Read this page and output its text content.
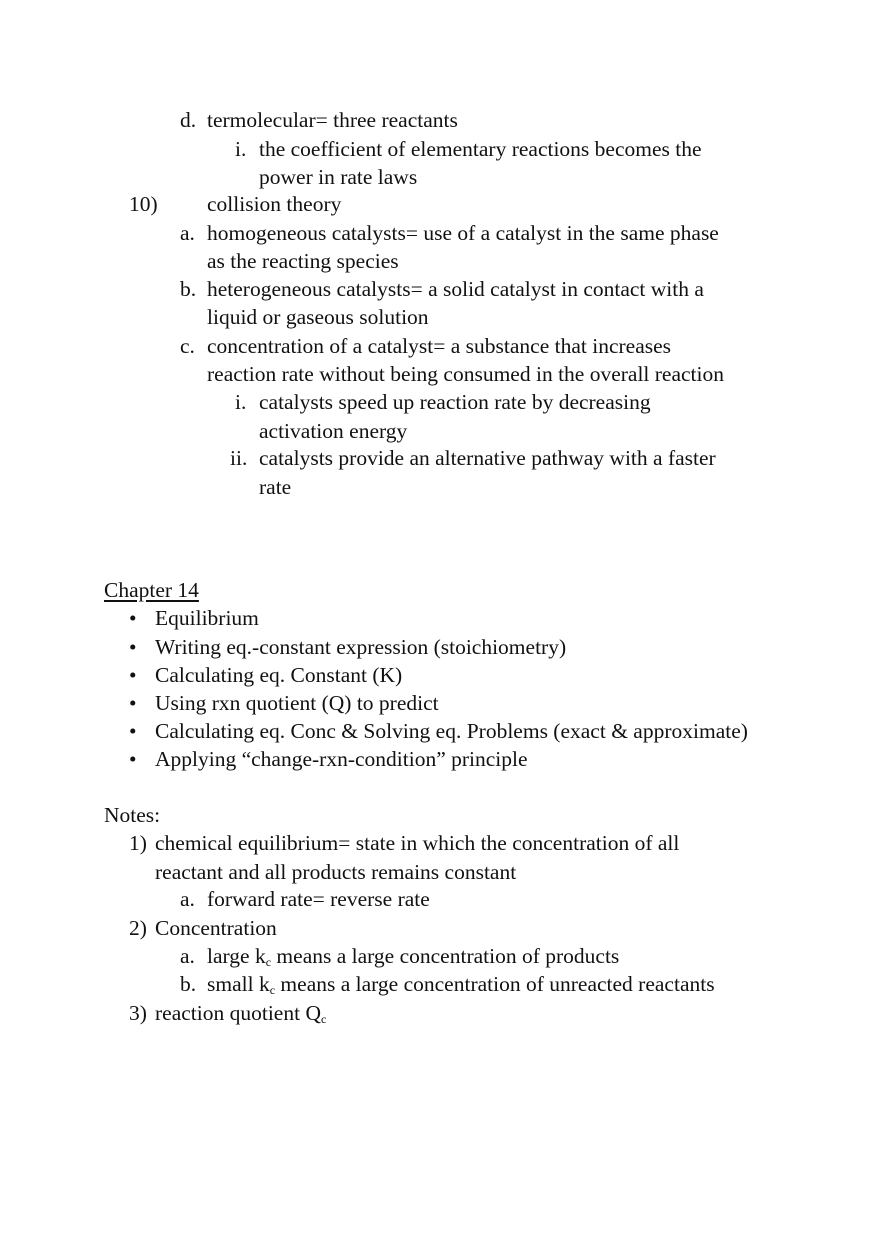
d. termolecular= three reactants
i. the coefficient of elementary reactions becomes the
power in rate laws
10) collision theory
a. homogeneous catalysts= use of a catalyst in the same phase
as the reacting species
b. heterogeneous catalysts= a solid catalyst in contact with a
liquid or gaseous solution
c. concentration of a catalyst= a substance that increases
reaction rate without being consumed in the overall reaction
i. catalysts speed up reaction rate by decreasing
activation energy
ii. catalysts provide an alternative pathway with a faster
rate
Chapter 14
• Equilibrium
• Writing eq.-constant expression (stoichiometry)
• Calculating eq. Constant (K)
• Using rxn quotient (Q) to predict
• Calculating eq. Conc & Solving eq. Problems (exact & approximate)
• Applying “change-rxn-condition” principle
Notes:
1) chemical equilibrium= state in which the concentration of all
reactant and all products remains constant
a. forward rate= reverse rate
2) Concentration
a. large $k_c$ means a large concentration of products
b. small $k_c$ means a large concentration of unreacted reactants
3) reaction quotient $Q_c$
